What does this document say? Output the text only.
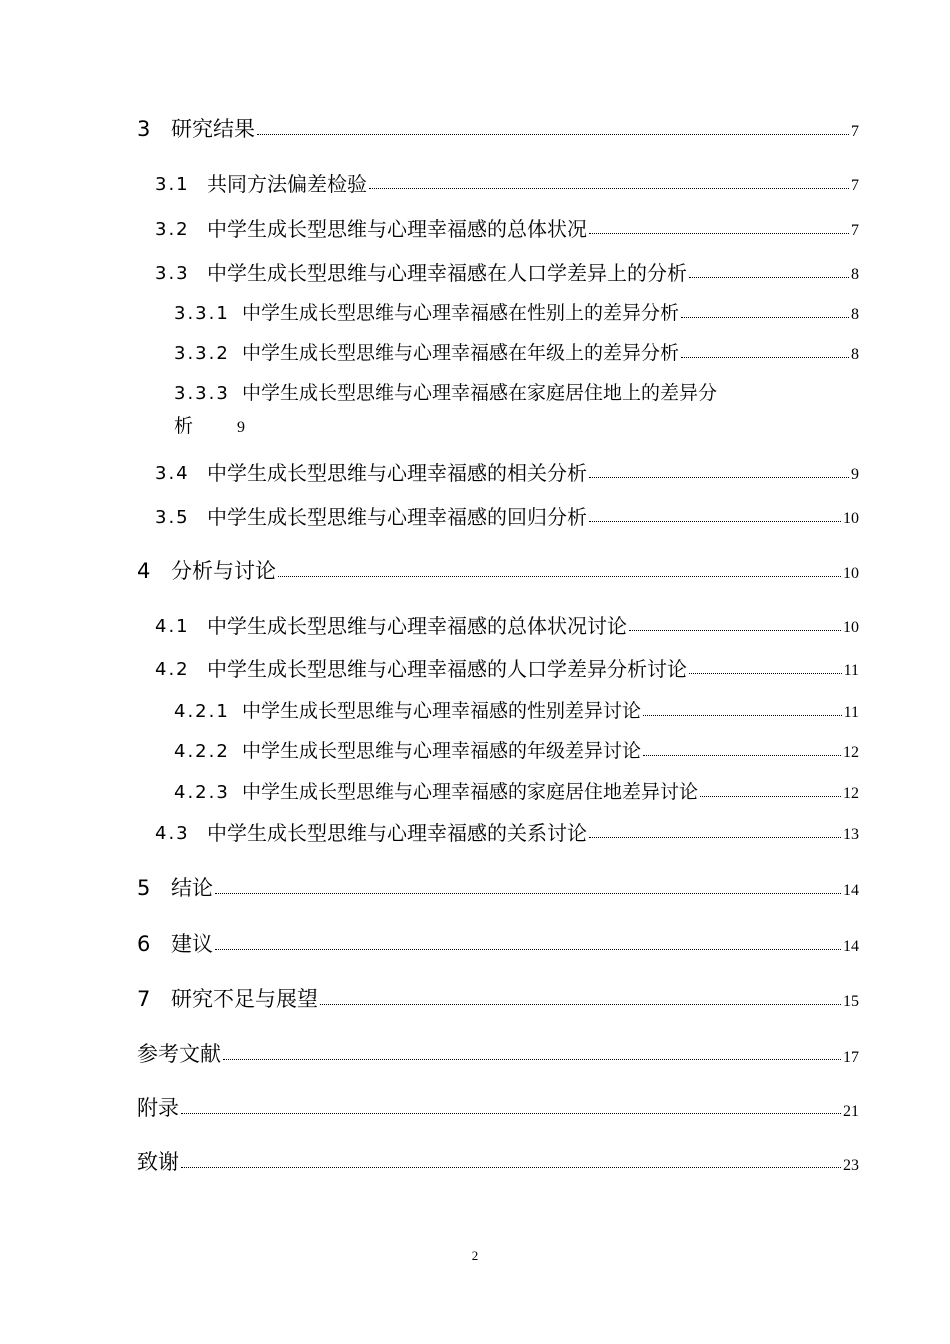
3 研究结果	7
3.1 共同方法偏差检验	7
3.2 中学生成长型思维与心理幸福感的总体状况	7
3.3 中学生成长型思维与心理幸福感在人口学差异上的分析	8
3.3.1 中学生成长型思维与心理幸福感在性别上的差异分析	8
3.3.2 中学生成长型思维与心理幸福感在年级上的差异分析	8
3.3.3 中学生成长型思维与心理幸福感在家庭居住地上的差异分
析	9
3.4 中学生成长型思维与心理幸福感的相关分析	9
3.5 中学生成长型思维与心理幸福感的回归分析	10
4 分析与讨论	10
4.1 中学生成长型思维与心理幸福感的总体状况讨论	10
4.2 中学生成长型思维与心理幸福感的人口学差异分析讨论	11
4.2.1 中学生成长型思维与心理幸福感的性别差异讨论	11
4.2.2 中学生成长型思维与心理幸福感的年级差异讨论	12
4.2.3 中学生成长型思维与心理幸福感的家庭居住地差异讨论	12
4.3 中学生成长型思维与心理幸福感的关系讨论	13
5 结论	14
6 建议	14
7 研究不足与展望	15
参考文献	17
附录	21
致谢	23
2
